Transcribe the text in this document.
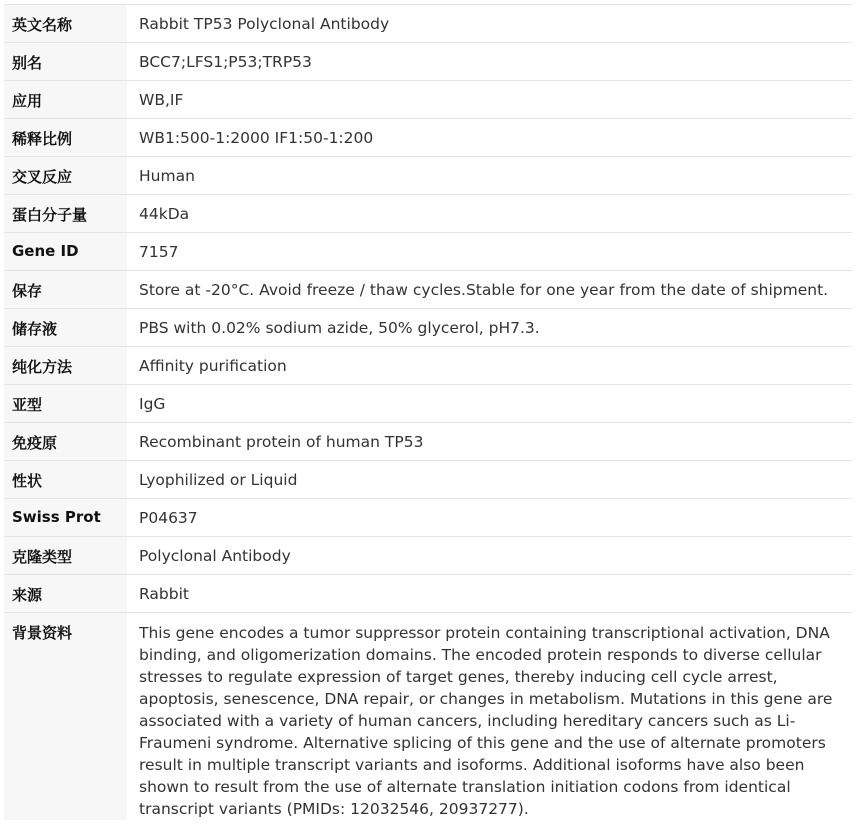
英文名称	Rabbit TP53 Polyclonal Antibody
别名	BCC7;LFS1;P53;TRP53
应用	WB,IF
稀释比例	WB1:500-1:2000 IF1:50-1:200
交叉反应	Human
蛋白分子量	44kDa
Gene ID	7157
保存	Store at -20°C. Avoid freeze / thaw cycles.Stable for one year from the date of shipment.
储存液	PBS with 0.02% sodium azide, 50% glycerol, pH7.3.
纯化方法	Affinity purification
亚型	IgG
免疫原	Recombinant protein of human TP53
性状	Lyophilized or Liquid
Swiss Prot	P04637
克隆类型	Polyclonal Antibody
来源	Rabbit
背景资料	This gene encodes a tumor suppressor protein containing transcriptional activation, DNA binding, and oligomerization domains. The encoded protein responds to diverse cellular stresses to regulate expression of target genes, thereby inducing cell cycle arrest, apoptosis, senescence, DNA repair, or changes in metabolism. Mutations in this gene are associated with a variety of human cancers, including hereditary cancers such as Li-Fraumeni syndrome. Alternative splicing of this gene and the use of alternate promoters result in multiple transcript variants and isoforms. Additional isoforms have also been shown to result from the use of alternate translation initiation codons from identical transcript variants (PMIDs: 12032546, 20937277).
